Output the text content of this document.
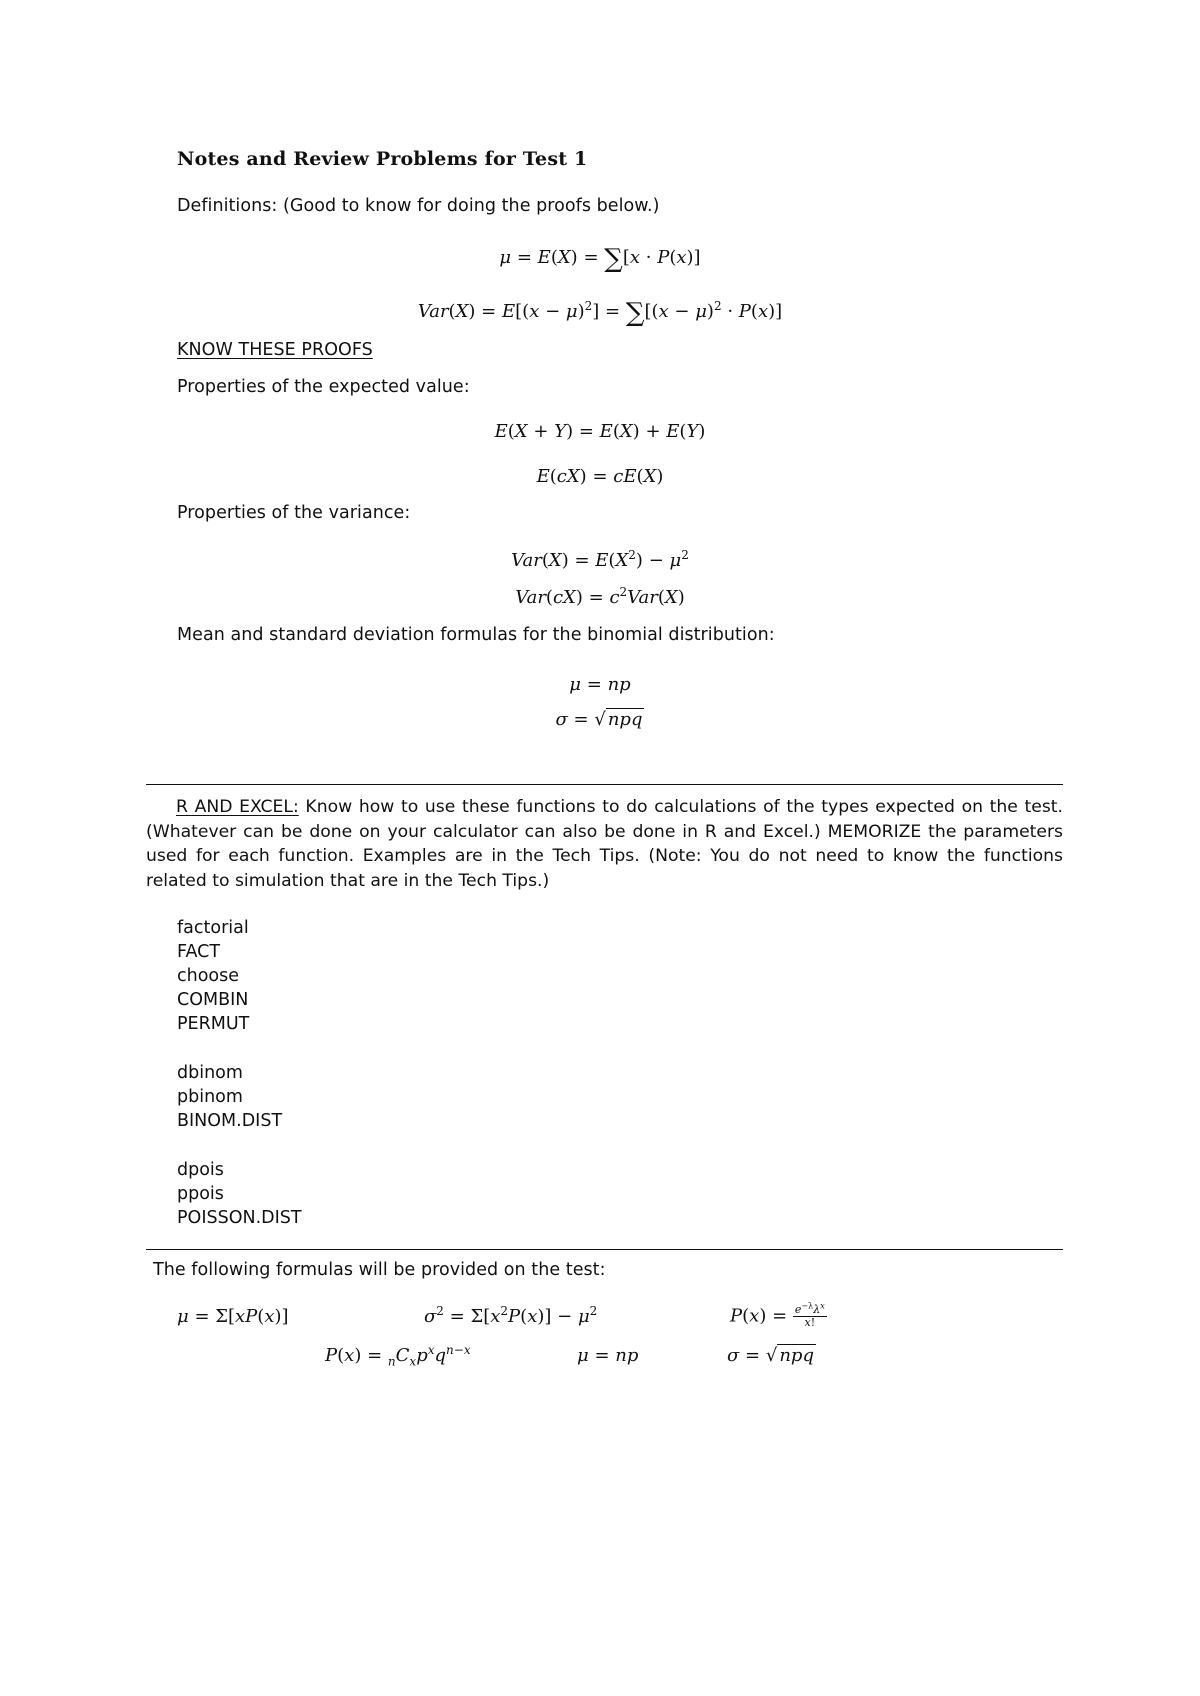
Notes and Review Problems for Test 1
Definitions: (Good to know for doing the proofs below.)
μ = E(X) = ∑[x · P(x)]
$Var(X) = E[(x - \mu)^2] = \sum[(x - \mu)^2 \cdot P(x)]$
KNOW THESE PROOFS
Properties of the expected value:
E(X + Y) = E(X) + E(Y)
E(cX) = cE(X)
Properties of the variance:
$Var(X) = E(X^2) - \mu^2$
$Var(cX) = c^2Var(X)$
Mean and standard deviation formulas for the binomial distribution:
μ = np
σ = √ npq
R AND EXCEL: Know how to use these functions to do calculations of the types expected on the test. (Whatever can be done on your calculator can also be done in R and Excel.) MEMORIZE the parameters used for each function. Examples are in the Tech Tips. (Note: You do not need to know the functions related to simulation that are in the Tech Tips.)
factorial
FACT
choose
COMBIN
PERMUT
dbinom
pbinom
BINOM.DIST
dpois
ppois
POISSON.DIST
The following formulas will be provided on the test:
μ = Σ[xP(x)]	$\sigma^2 = \Sigma[x^2P(x)] - \mu^2$	$P(x) = \frac{e^{-\lambda}\lambda^x}{x!}$
$P(x) = _nC_xp^xq^{n-x}$	μ = np	σ = √ npq
